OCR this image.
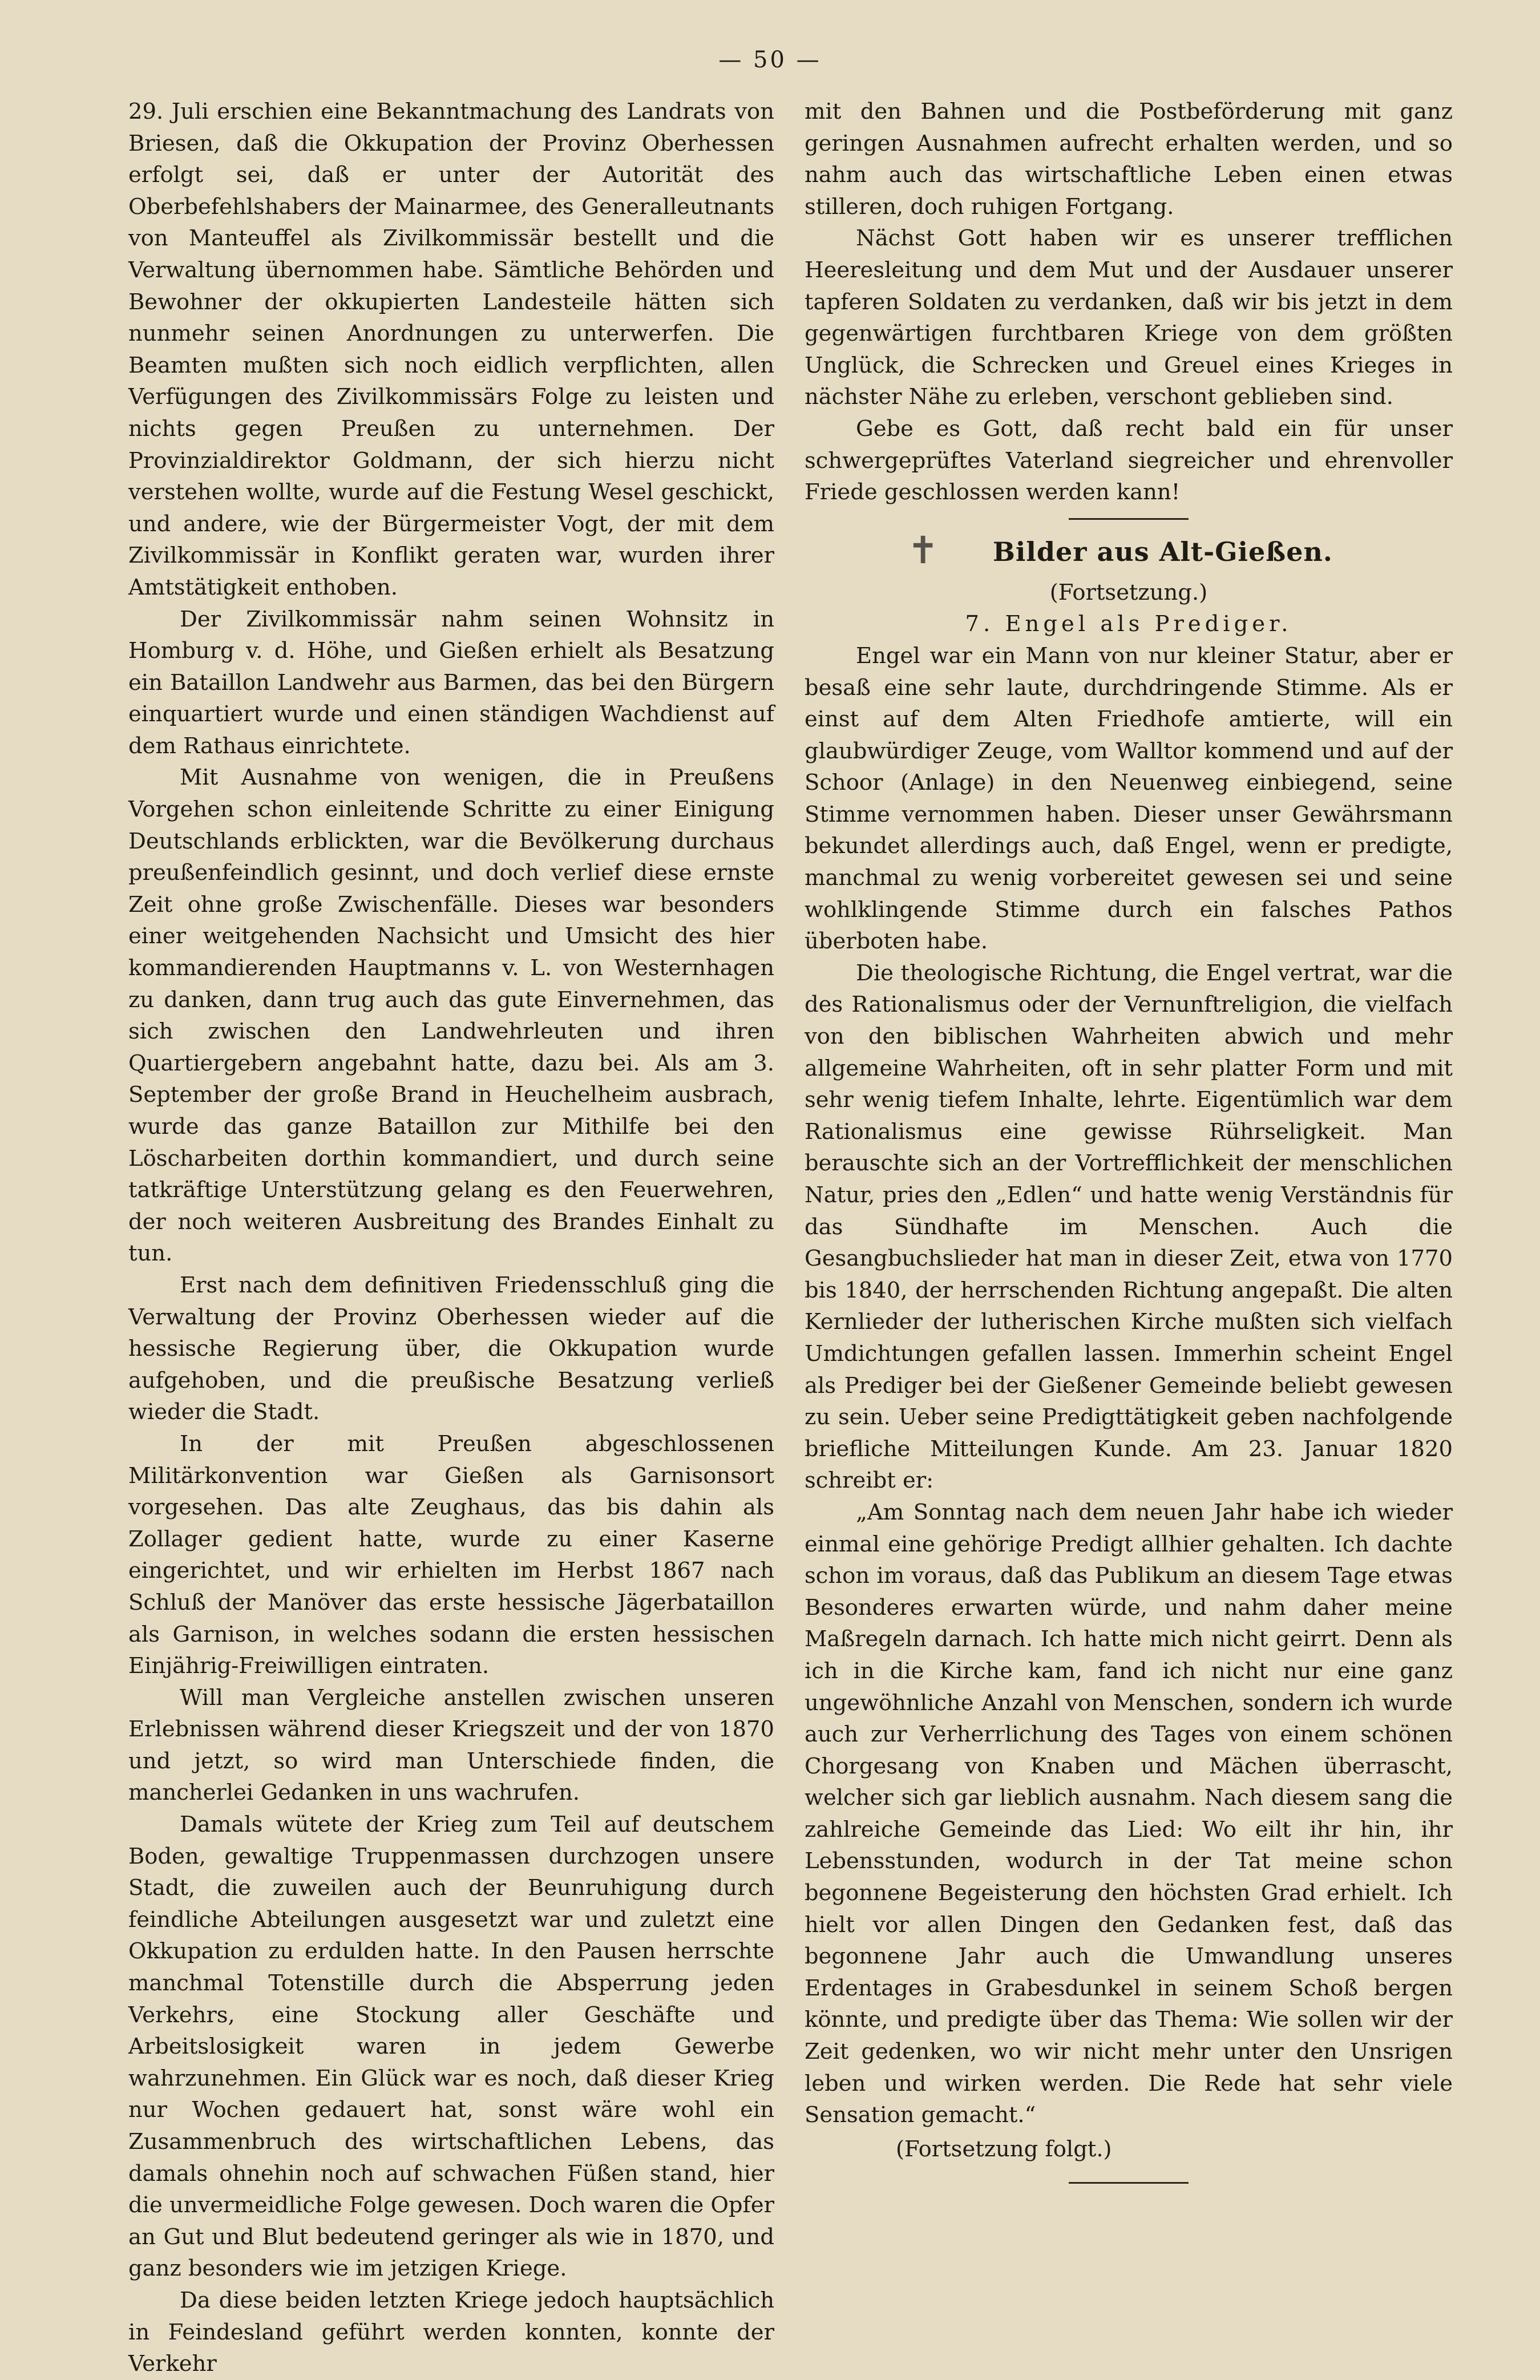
— 50 —

29. Juli erschien eine Bekanntmachung des Landrats von Briesen, daß die Okkupation der Provinz Oberhessen erfolgt sei, daß er unter der Autorität des Oberbefehlshabers der Mainarmee, des Generalleutnants von Manteuffel als Zivilkommissär bestellt und die Verwaltung übernommen habe. Sämtliche Behörden und Bewohner der okkupierten Landesteile hätten sich nunmehr seinen Anordnungen zu unterwerfen. Die Beamten mußten sich noch eidlich verpflichten, allen Verfügungen des Zivilkommissärs Folge zu leisten und nichts gegen Preußen zu unternehmen. Der Provinzialdirektor Goldmann, der sich hierzu nicht verstehen wollte, wurde auf die Festung Wesel geschickt, und andere, wie der Bürgermeister Vogt, der mit dem Zivilkommissär in Konflikt geraten war, wurden ihrer Amtstätigkeit enthoben.

Der Zivilkommissär nahm seinen Wohnsitz in Homburg v. d. Höhe, und Gießen erhielt als Besatzung ein Bataillon Landwehr aus Barmen, das bei den Bürgern einquartiert wurde und einen ständigen Wachdienst auf dem Rathaus einrichtete.

Mit Ausnahme von wenigen, die in Preußens Vorgehen schon einleitende Schritte zu einer Einigung Deutschlands erblickten, war die Bevölkerung durchaus preußenfeindlich gesinnt, und doch verlief diese ernste Zeit ohne große Zwischenfälle. Dieses war besonders einer weitgehenden Nachsicht und Umsicht des hier kommandierenden Hauptmanns v. L. von Westernhagen zu danken, dann trug auch das gute Einvernehmen, das sich zwischen den Landwehrleuten und ihren Quartiergebern angebahnt hatte, dazu bei. Als am 3. September der große Brand in Heuchelheim ausbrach, wurde das ganze Bataillon zur Mithilfe bei den Löscharbeiten dorthin kommandiert, und durch seine tatkräftige Unterstützung gelang es den Feuerwehren, der noch weiteren Ausbreitung des Brandes Einhalt zu tun.

Erst nach dem definitiven Friedensschluß ging die Verwaltung der Provinz Oberhessen wieder auf die hessische Regierung über, die Okkupation wurde aufgehoben, und die preußische Besatzung verließ wieder die Stadt.

In der mit Preußen abgeschlossenen Militärkonvention war Gießen als Garnisonsort vorgesehen. Das alte Zeughaus, das bis dahin als Zollager gedient hatte, wurde zu einer Kaserne eingerichtet, und wir erhielten im Herbst 1867 nach Schluß der Manöver das erste hessische Jägerbataillon als Garnison, in welches sodann die ersten hessischen Einjährig-Freiwilligen eintraten.

Will man Vergleiche anstellen zwischen unseren Erlebnissen während dieser Kriegszeit und der von 1870 und jetzt, so wird man Unterschiede finden, die mancherlei Gedanken in uns wachrufen.

Damals wütete der Krieg zum Teil auf deutschem Boden, gewaltige Truppenmassen durchzogen unsere Stadt, die zuweilen auch der Beunruhigung durch feindliche Abteilungen ausgesetzt war und zuletzt eine Okkupation zu erdulden hatte. In den Pausen herrschte manchmal Totenstille durch die Absperrung jeden Verkehrs, eine Stockung aller Geschäfte und Arbeitslosigkeit waren in jedem Gewerbe wahrzunehmen. Ein Glück war es noch, daß dieser Krieg nur Wochen gedauert hat, sonst wäre wohl ein Zusammenbruch des wirtschaftlichen Lebens, das damals ohnehin noch auf schwachen Füßen stand, hier die unvermeidliche Folge gewesen. Doch waren die Opfer an Gut und Blut bedeutend geringer als wie in 1870, und ganz besonders wie im jetzigen Kriege.

Da diese beiden letzten Kriege jedoch hauptsächlich in Feindesland geführt werden konnten, konnte der Verkehr

mit den Bahnen und die Postbeförderung mit ganz geringen Ausnahmen aufrecht erhalten werden, und so nahm auch das wirtschaftliche Leben einen etwas stilleren, doch ruhigen Fortgang.

Nächst Gott haben wir es unserer trefflichen Heeresleitung und dem Mut und der Ausdauer unserer tapferen Soldaten zu verdanken, daß wir bis jetzt in dem gegenwärtigen furchtbaren Kriege von dem größten Unglück, die Schrecken und Greuel eines Krieges in nächster Nähe zu erleben, verschont geblieben sind.

Gebe es Gott, daß recht bald ein für unser schwergeprüftes Vaterland siegreicher und ehrenvoller Friede geschlossen werden kann!

✝	Bilder aus Alt-Gießen.

(Fortsetzung.)

7. Engel als Prediger.

Engel war ein Mann von nur kleiner Statur, aber er besaß eine sehr laute, durchdringende Stimme. Als er einst auf dem Alten Friedhofe amtierte, will ein glaubwürdiger Zeuge, vom Walltor kommend und auf der Schoor (Anlage) in den Neuenweg einbiegend, seine Stimme vernommen haben. Dieser unser Gewährsmann bekundet allerdings auch, daß Engel, wenn er predigte, manchmal zu wenig vorbereitet gewesen sei und seine wohlklingende Stimme durch ein falsches Pathos überboten habe.

Die theologische Richtung, die Engel vertrat, war die des Rationalismus oder der Vernunftreligion, die vielfach von den biblischen Wahrheiten abwich und mehr allgemeine Wahrheiten, oft in sehr platter Form und mit sehr wenig tiefem Inhalte, lehrte. Eigentümlich war dem Rationalismus eine gewisse Rührseligkeit. Man berauschte sich an der Vortrefflichkeit der menschlichen Natur, pries den „Edlen“ und hatte wenig Verständnis für das Sündhafte im Menschen. Auch die Gesangbuchslieder hat man in dieser Zeit, etwa von 1770 bis 1840, der herrschenden Richtung angepaßt. Die alten Kernlieder der lutherischen Kirche mußten sich vielfach Umdichtungen gefallen lassen. Immerhin scheint Engel als Prediger bei der Gießener Gemeinde beliebt gewesen zu sein. Ueber seine Predigttätigkeit geben nachfolgende briefliche Mitteilungen Kunde. Am 23. Januar 1820 schreibt er:

„Am Sonntag nach dem neuen Jahr habe ich wieder einmal eine gehörige Predigt allhier gehalten. Ich dachte schon im voraus, daß das Publikum an diesem Tage etwas Besonderes erwarten würde, und nahm daher meine Maßregeln darnach. Ich hatte mich nicht geirrt. Denn als ich in die Kirche kam, fand ich nicht nur eine ganz ungewöhnliche Anzahl von Menschen, sondern ich wurde auch zur Verherrlichung des Tages von einem schönen Chorgesang von Knaben und Mächen überrascht, welcher sich gar lieblich ausnahm. Nach diesem sang die zahlreiche Gemeinde das Lied: Wo eilt ihr hin, ihr Lebensstunden, wodurch in der Tat meine schon begonnene Begeisterung den höchsten Grad erhielt. Ich hielt vor allen Dingen den Gedanken fest, daß das begonnene Jahr auch die Umwandlung unseres Erdentages in Grabesdunkel in seinem Schoß bergen könnte, und predigte über das Thema: Wie sollen wir der Zeit gedenken, wo wir nicht mehr unter den Unsrigen leben und wirken werden. Die Rede hat sehr viele Sensation gemacht.“

(Fortsetzung folgt.)
